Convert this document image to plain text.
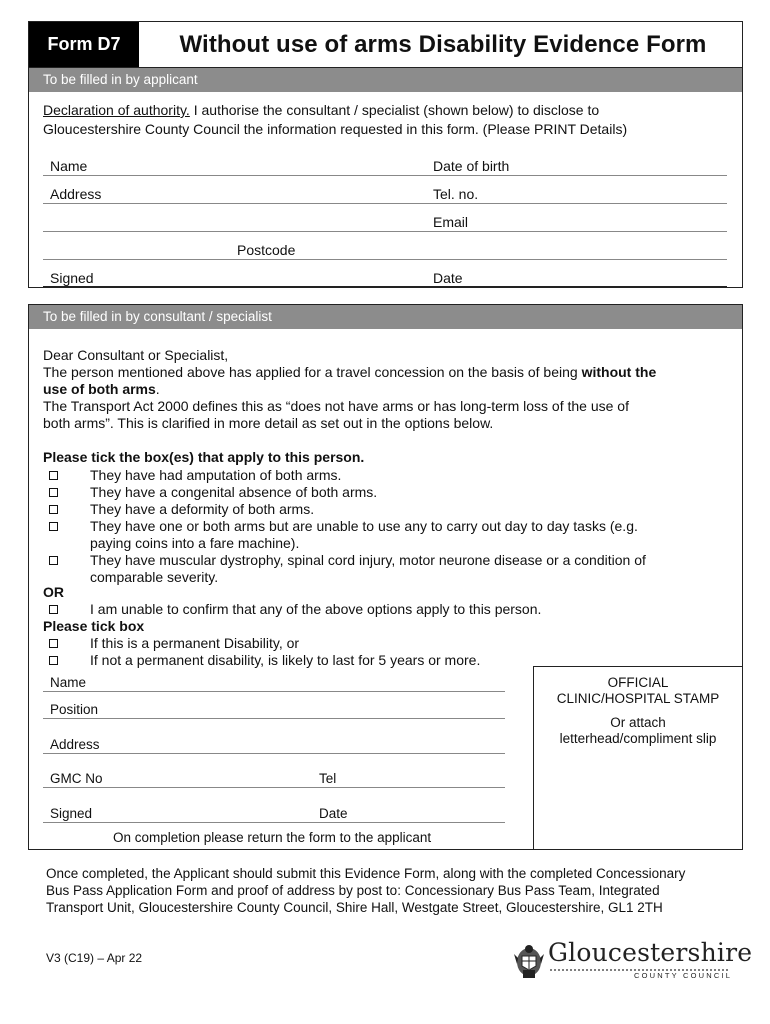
Form D7	Without use of arms Disability Evidence Form
To be filled in by applicant
Declaration of authority. I authorise the consultant / specialist (shown below) to disclose to
Gloucestershire County Council the information requested in this form. (Please PRINT Details)
Name	Date of birth
Address	Tel. no.
Email
Postcode
Signed	Date
To be filled in by consultant / specialist
Dear Consultant or Specialist,
The person mentioned above has applied for a travel concession on the basis of being without the
use of both arms.
The Transport Act 2000 defines this as “does not have arms or has long-term loss of the use of
both arms”. This is clarified in more detail as set out in the options below.
Please tick the box(es) that apply to this person.
They have had amputation of both arms.
They have a congenital absence of both arms.
They have a deformity of both arms.
They have one or both arms but are unable to use any to carry out day to day tasks (e.g.
paying coins into a fare machine).
They have muscular dystrophy, spinal cord injury, motor neurone disease or a condition of
comparable severity.
OR
I am unable to confirm that any of the above options apply to this person.
Please tick box
If this is a permanent Disability, or
If not a permanent disability, is likely to last for 5 years or more.
Name
Position
Address
GMC No	Tel
Signed	Date
On completion please return the form to the applicant
OFFICIAL
CLINIC/HOSPITAL STAMP
Or attach
letterhead/compliment slip
Once completed, the Applicant should submit this Evidence Form, along with the completed Concessionary
Bus Pass Application Form and proof of address by post to: Concessionary Bus Pass Team, Integrated
Transport Unit, Gloucestershire County Council, Shire Hall, Westgate Street, Gloucestershire, GL1 2TH
V3 (C19) – Apr 22	Gloucestershire
COUNTY COUNCIL
